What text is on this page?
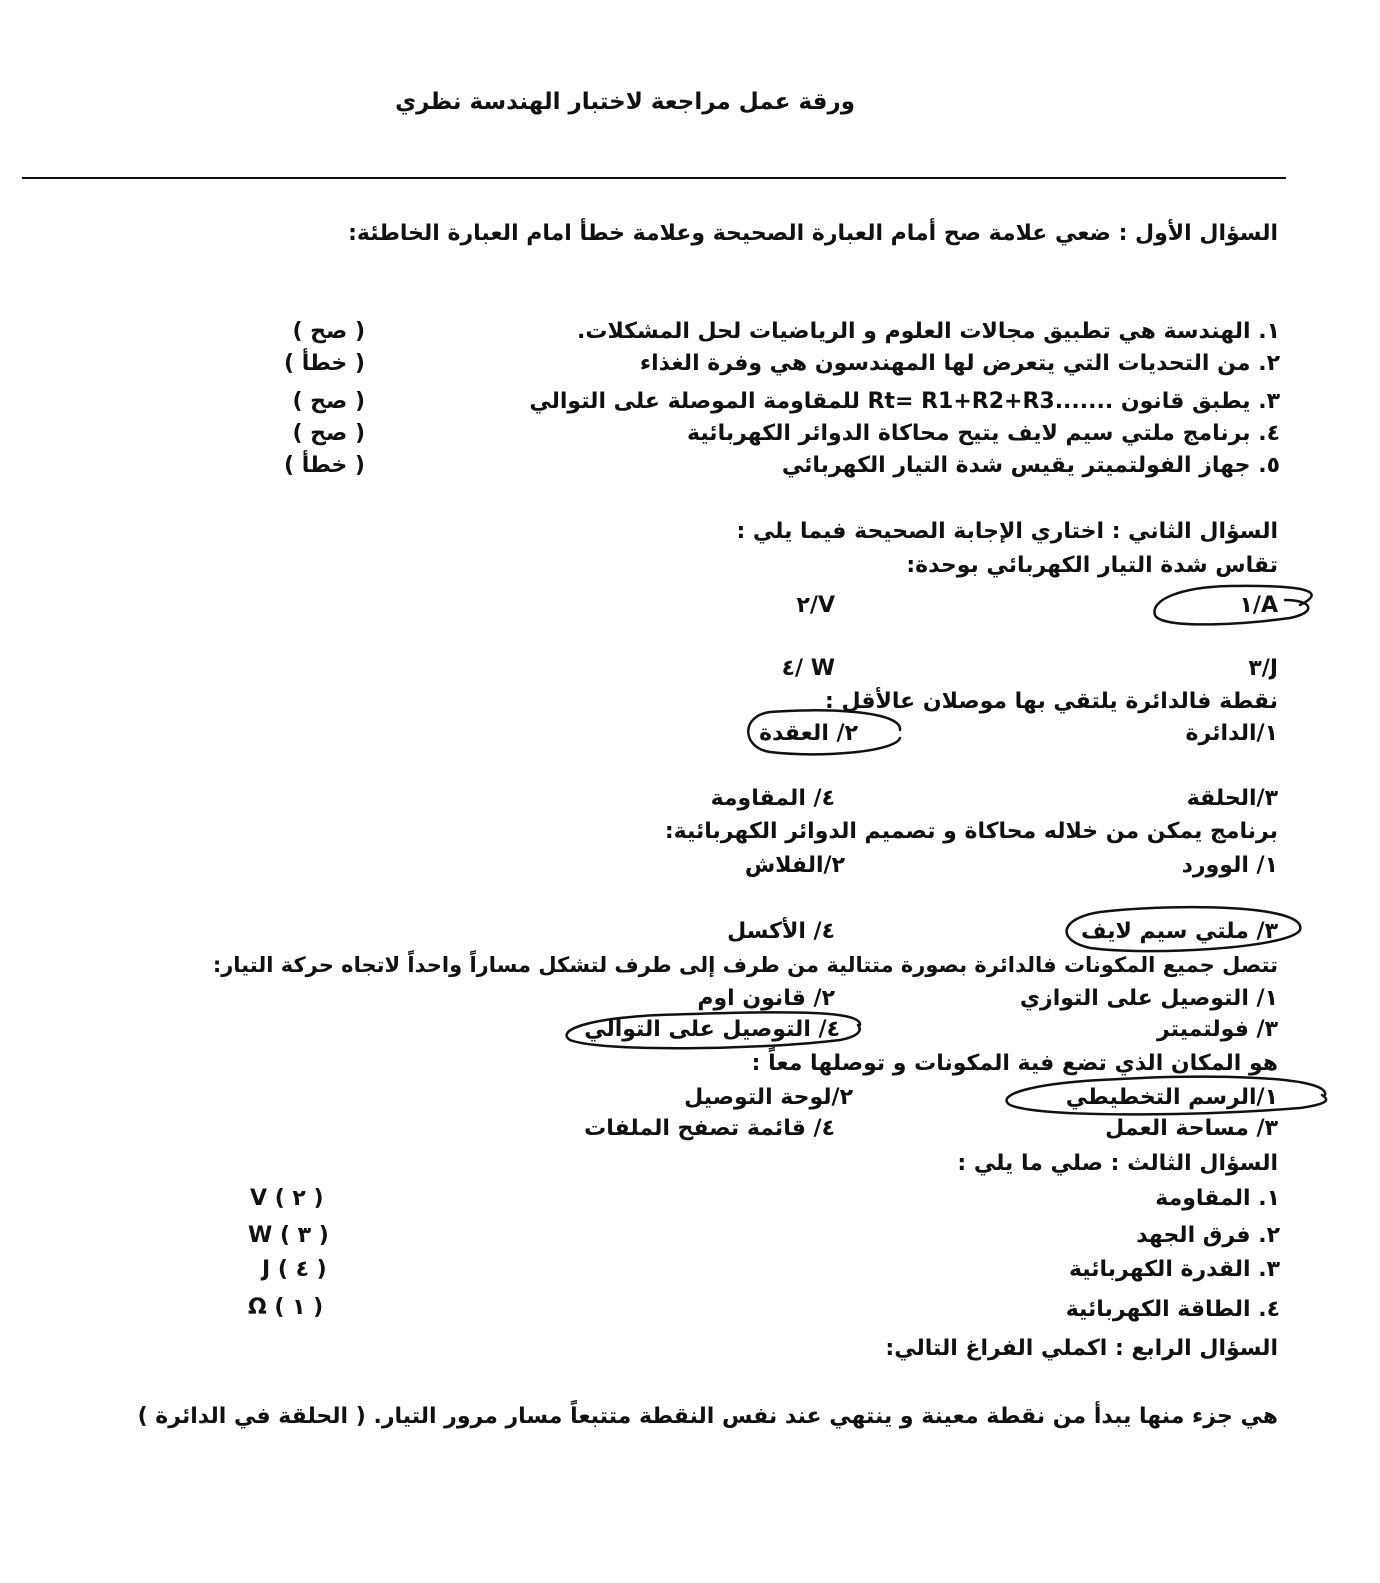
ورقة عمل مراجعة لاختبار الهندسة نظري
السؤال الأول : ضعي علامة صح أمام العبارة الصحيحة وعلامة خطأ امام العبارة الخاطئة:
١. الهندسة هي تطبيق مجالات العلوم و الرياضيات لحل المشكلات.
( صح )
٢. من التحديات التي يتعرض لها المهندسون هي وفرة الغذاء
( خطأ )
٣. يطبق قانون .......Rt= R1+R2+R3 للمقاومة الموصلة على التوالي
( صح )
٤. برنامج ملتي سيم لايف يتيح محاكاة الدوائر الكهربائية
( صح )
٥. جهاز الفولتميتر يقيس شدة التيار الكهربائي
( خطأ )
السؤال الثاني : اختاري الإجابة الصحيحة فيما يلي :
تقاس شدة التيار الكهربائي بوحدة:
A/١
V/٢
J/٣
W /٤
نقطة فالدائرة يلتقي بها موصلان عالأقل :
١/الدائرة
٢/ العقدة
٣/الحلقة
٤/ المقاومة
برنامج يمكن من خلاله محاكاة و تصميم الدوائر الكهربائية:
١/ الوورد
٢/الفلاش
٣/ ملتي سيم لايف
٤/ الأكسل
تتصل جميع المكونات فالدائرة بصورة متتالية من طرف إلى طرف لتشكل مساراً واحداً لاتجاه حركة التيار:
١/ التوصيل على التوازي
٢/ قانون اوم
٣/ فولتميتر
٤/ التوصيل على التوالي
هو المكان الذي تضع فية المكونات و توصلها معاً :
١/الرسم التخطيطي
٢/لوحة التوصيل
٣/ مساحة العمل
٤/ قائمة تصفح الملفات
السؤال الثالث : صلي ما يلي :
١. المقاومة
( ٢ ) V
٢. فرق الجهد
( ٣ ) W
٣. القدرة الكهربائية
( ٤ ) J
٤. الطاقة الكهربائية
( ١ ) Ω
السؤال الرابع : اكملي الفراغ التالي:
هي جزء منها يبدأ من نقطة معينة و ينتهي عند نفس النقطة متتبعاً مسار مرور التيار. ( الحلقة في الدائرة )
